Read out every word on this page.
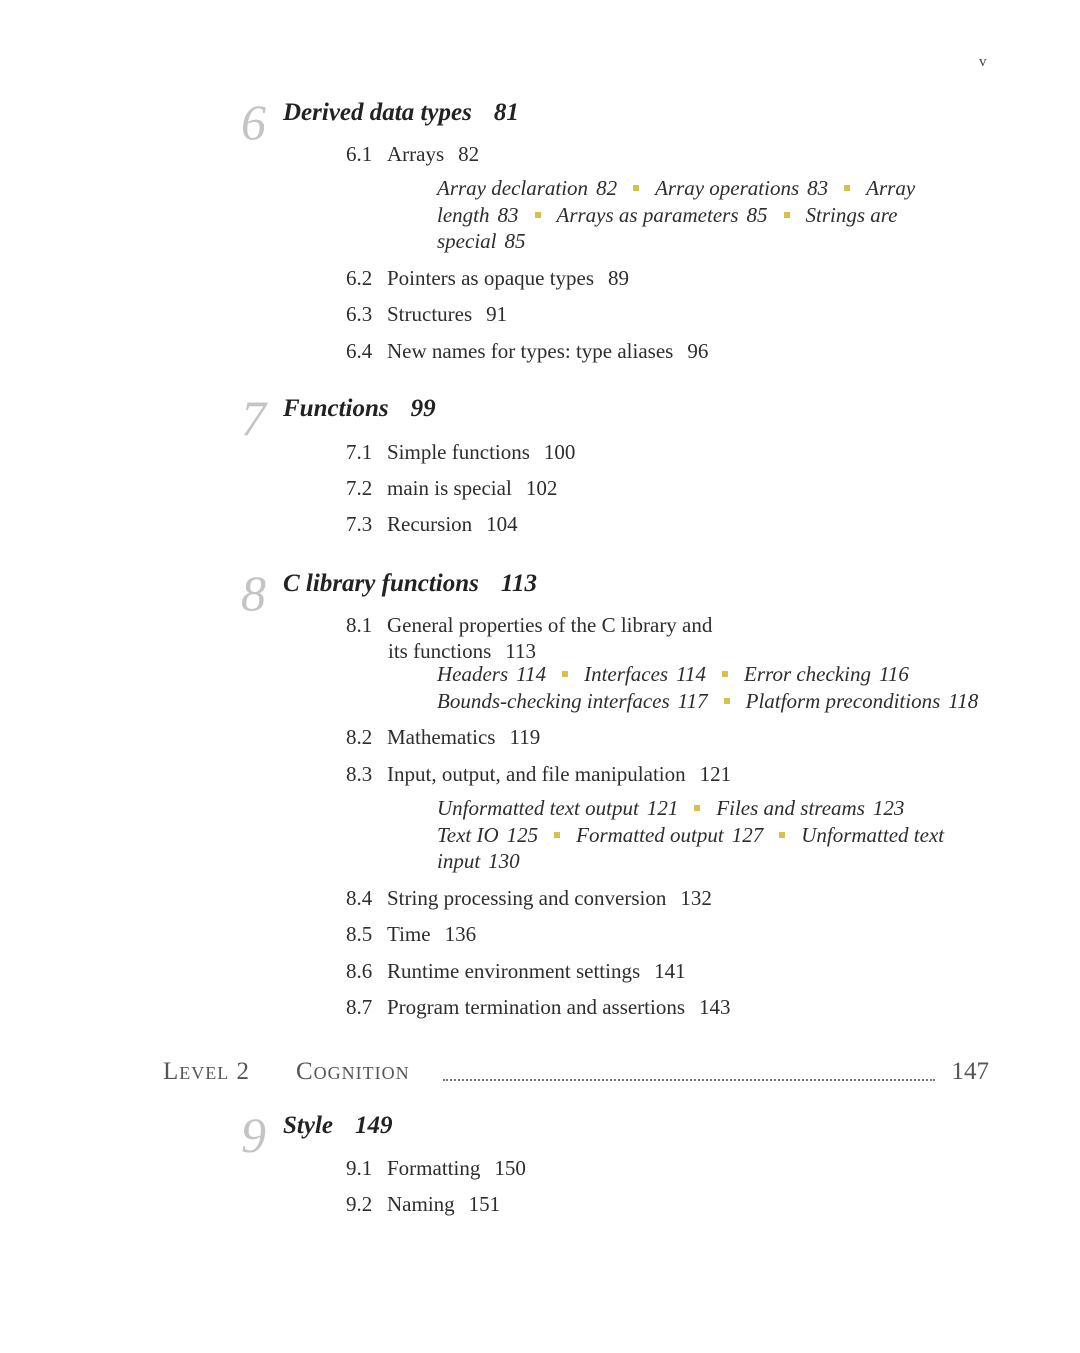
v
6 Derived data types 81
6.1 Arrays 82
Array declaration 82 Array operations 83 Array length 83 Arrays as parameters 85 Strings are special 85
6.2 Pointers as opaque types 89
6.3 Structures 91
6.4 New names for types: type aliases 96
7 Functions 99
7.1 Simple functions 100
7.2 main is special 102
7.3 Recursion 104
8 C library functions 113
8.1 General properties of the C library and
its functions 113
Headers 114 Interfaces 114 Error checking 116
Bounds-checking interfaces 117 Platform preconditions 118
8.2 Mathematics 119
8.3 Input, output, and file manipulation 121
Unformatted text output 121 Files and streams 123
Text IO 125 Formatted output 127 Unformatted text input 130
8.4 String processing and conversion 132
8.5 Time 136
8.6 Runtime environment settings 141
8.7 Program termination and assertions 143
Level 2 Cognition	147
9 Style 149
9.1 Formatting 150
9.2 Naming 151
